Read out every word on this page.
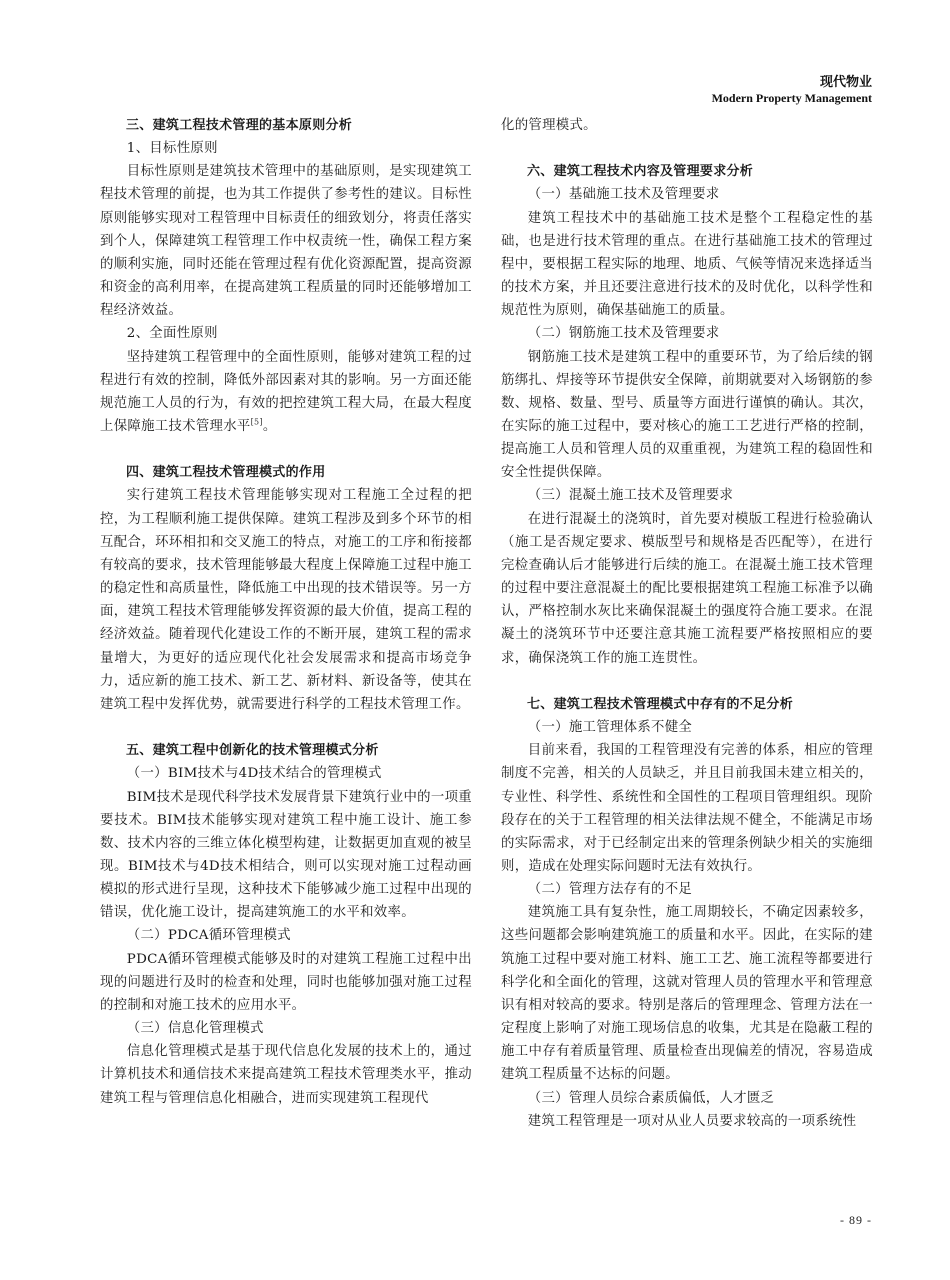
现代物业
Modern Property Management

三、建筑工程技术管理的基本原则分析

1、目标性原则

目标性原则是建筑技术管理中的基础原则，是实现建筑工程技术管理的前提，也为其工作提供了参考性的建议。目标性原则能够实现对工程管理中目标责任的细致划分，将责任落实到个人，保障建筑工程管理工作中权责统一性，确保工程方案的顺利实施，同时还能在管理过程有优化资源配置，提高资源和资金的高利用率，在提高建筑工程质量的同时还能够增加工程经济效益。

2、全面性原则

坚持建筑工程管理中的全面性原则，能够对建筑工程的过程进行有效的控制，降低外部因素对其的影响。另一方面还能规范施工人员的行为，有效的把控建筑工程大局，在最大程度上保障施工技术管理水平[5]。

四、建筑工程技术管理模式的作用

实行建筑工程技术管理能够实现对工程施工全过程的把控，为工程顺利施工提供保障。建筑工程涉及到多个环节的相互配合，环环相扣和交叉施工的特点，对施工的工序和衔接都有较高的要求，技术管理能够最大程度上保障施工过程中施工的稳定性和高质量性，降低施工中出现的技术错误等。另一方面，建筑工程技术管理能够发挥资源的最大价值，提高工程的经济效益。随着现代化建设工作的不断开展，建筑工程的需求量增大，为更好的适应现代化社会发展需求和提高市场竞争力，适应新的施工技术、新工艺、新材料、新设备等，使其在建筑工程中发挥优势，就需要进行科学的工程技术管理工作。

五、建筑工程中创新化的技术管理模式分析

（一）BIM技术与4D技术结合的管理模式

BIM技术是现代科学技术发展背景下建筑行业中的一项重要技术。BIM技术能够实现对建筑工程中施工设计、施工参数、技术内容的三维立体化模型构建，让数据更加直观的被呈现。BIM技术与4D技术相结合，则可以实现对施工过程动画模拟的形式进行呈现，这种技术下能够减少施工过程中出现的错误，优化施工设计，提高建筑施工的水平和效率。

（二）PDCA循环管理模式

PDCA循环管理模式能够及时的对建筑工程施工过程中出现的问题进行及时的检查和处理，同时也能够加强对施工过程的控制和对施工技术的应用水平。

（三）信息化管理模式

信息化管理模式是基于现代信息化发展的技术上的，通过计算机技术和通信技术来提高建筑工程技术管理类水平，推动建筑工程与管理信息化相融合，进而实现建筑工程现代

化的管理模式。

六、建筑工程技术内容及管理要求分析

（一）基础施工技术及管理要求

建筑工程技术中的基础施工技术是整个工程稳定性的基础，也是进行技术管理的重点。在进行基础施工技术的管理过程中，要根据工程实际的地理、地质、气候等情况来选择适当的技术方案，并且还要注意进行技术的及时优化，以科学性和规范性为原则，确保基础施工的质量。

（二）钢筋施工技术及管理要求

钢筋施工技术是建筑工程中的重要环节，为了给后续的钢筋绑扎、焊接等环节提供安全保障，前期就要对入场钢筋的参数、规格、数量、型号、质量等方面进行谨慎的确认。其次，在实际的施工过程中，要对核心的施工工艺进行严格的控制，提高施工人员和管理人员的双重重视，为建筑工程的稳固性和安全性提供保障。

（三）混凝土施工技术及管理要求

在进行混凝土的浇筑时，首先要对模版工程进行检验确认（施工是否规定要求、模版型号和规格是否匹配等），在进行完检查确认后才能够进行后续的施工。在混凝土施工技术管理的过程中要注意混凝土的配比要根据建筑工程施工标准予以确认，严格控制水灰比来确保混凝土的强度符合施工要求。在混凝土的浇筑环节中还要注意其施工流程要严格按照相应的要求，确保浇筑工作的施工连贯性。

七、建筑工程技术管理模式中存有的不足分析

（一）施工管理体系不健全

目前来看，我国的工程管理没有完善的体系，相应的管理制度不完善，相关的人员缺乏，并且目前我国未建立相关的，专业性、科学性、系统性和全国性的工程项目管理组织。现阶段存在的关于工程管理的相关法律法规不健全，不能满足市场的实际需求，对于已经制定出来的管理条例缺少相关的实施细则，造成在处理实际问题时无法有效执行。

（二）管理方法存有的不足

建筑施工具有复杂性，施工周期较长，不确定因素较多，这些问题都会影响建筑施工的质量和水平。因此，在实际的建筑施工过程中要对施工材料、施工工艺、施工流程等都要进行科学化和全面化的管理，这就对管理人员的管理水平和管理意识有相对较高的要求。特别是落后的管理理念、管理方法在一定程度上影响了对施工现场信息的收集，尤其是在隐蔽工程的施工中存有着质量管理、质量检查出现偏差的情况，容易造成建筑工程质量不达标的问题。

（三）管理人员综合素质偏低，人才匮乏

建筑工程管理是一项对从业人员要求较高的一项系统性

- 89 -
